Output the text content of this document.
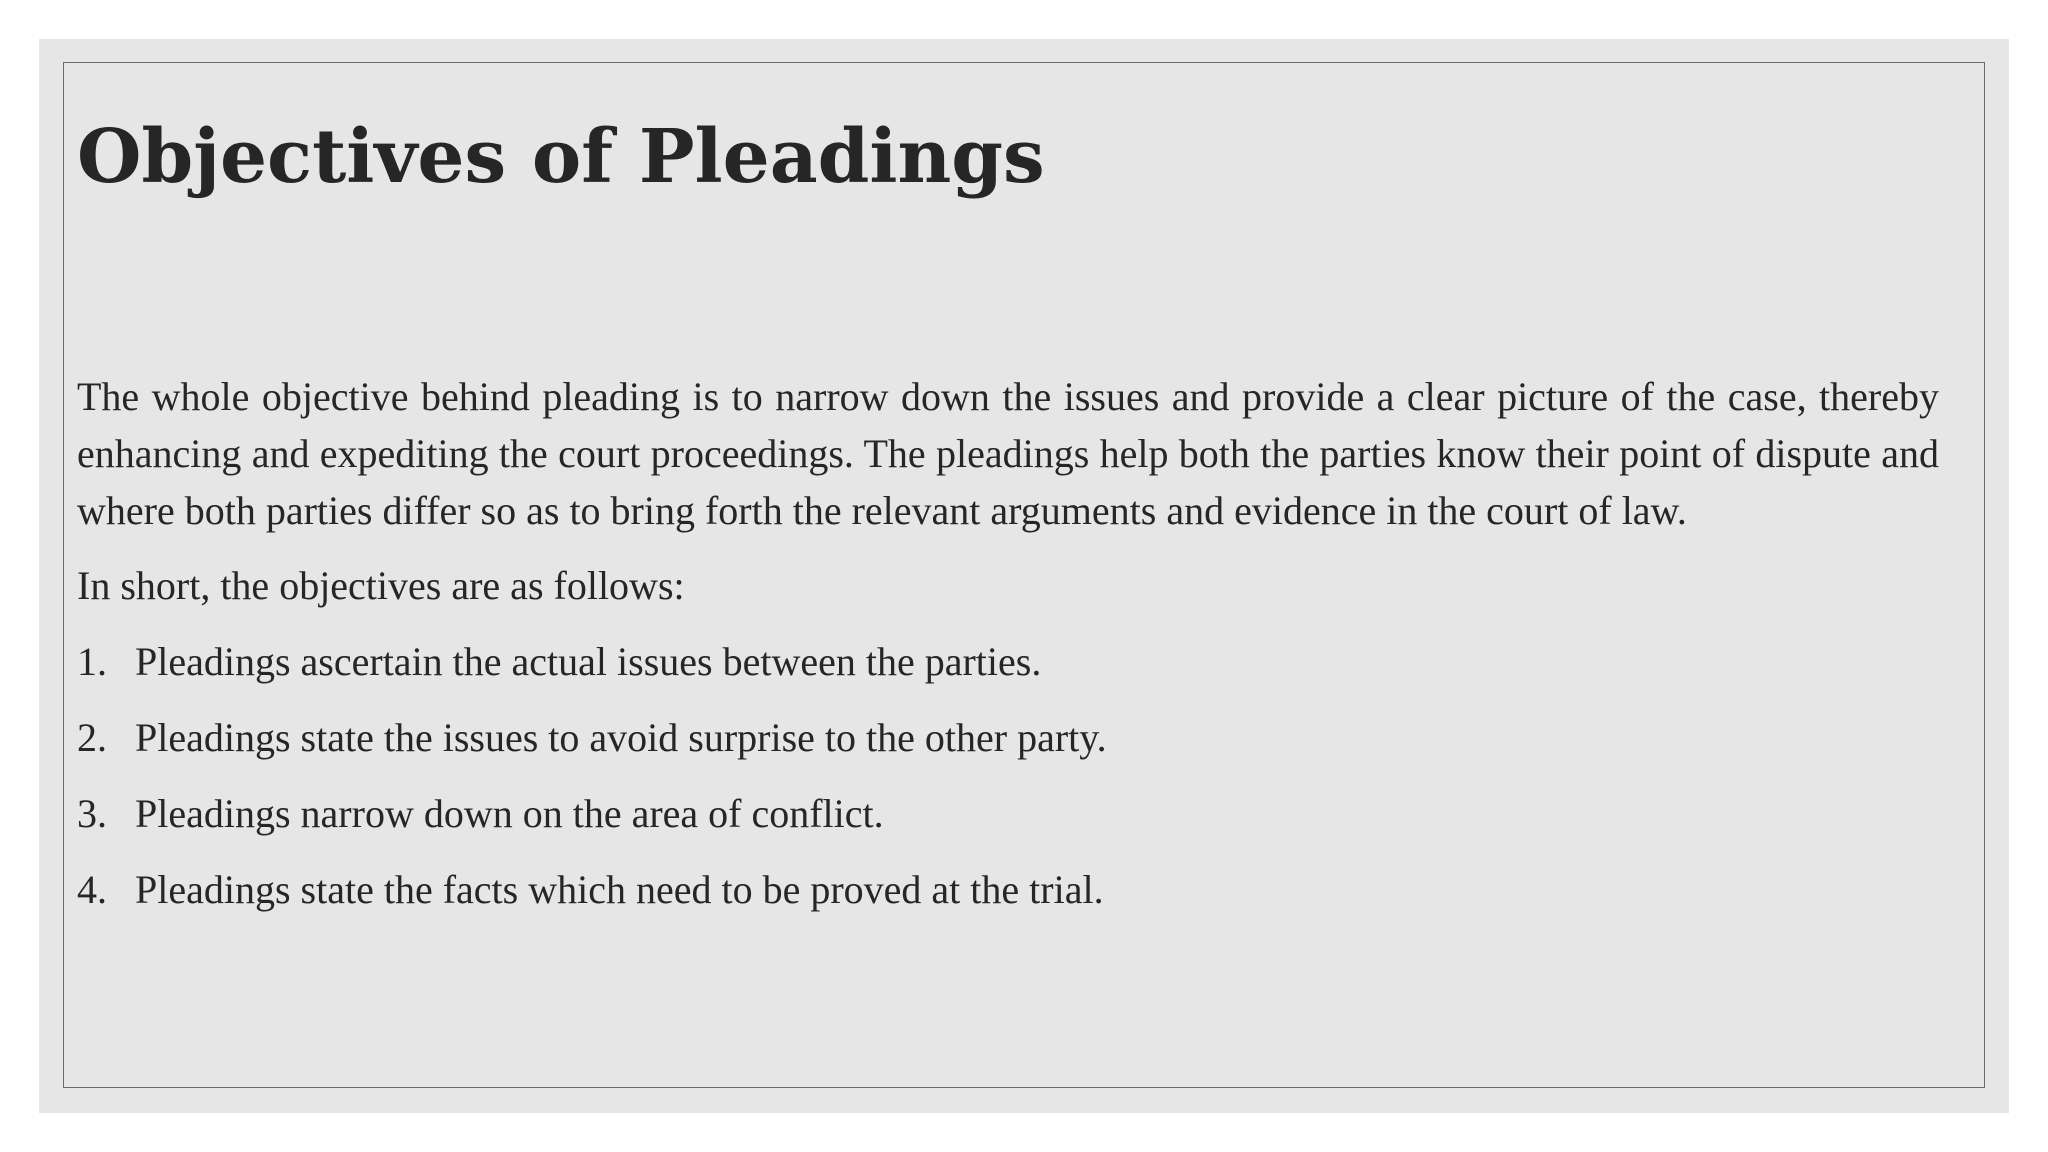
Objectives of Pleadings

The whole objective behind pleading is to narrow down the issues and provide a clear picture of the case, thereby enhancing and expediting the court proceedings. The pleadings help both the parties know their point of dispute and where both parties differ so as to bring forth the relevant arguments and evidence in the court of law.

In short, the objectives are as follows:

1. Pleadings ascertain the actual issues between the parties.
2. Pleadings state the issues to avoid surprise to the other party.
3. Pleadings narrow down on the area of conflict.
4. Pleadings state the facts which need to be proved at the trial.
